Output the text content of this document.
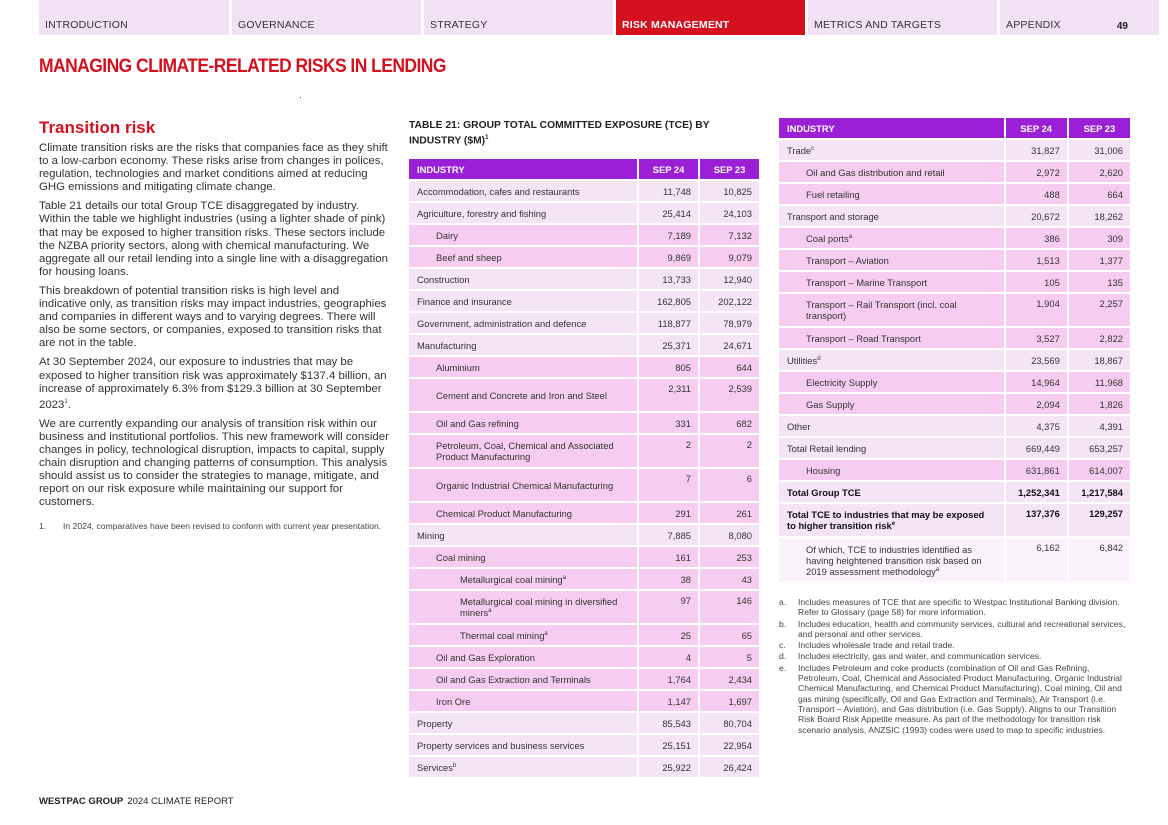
INTRODUCTION	GOVERNANCE	STRATEGY	RISK MANAGEMENT	METRICS AND TARGETS	APPENDIX	49
MANAGING CLIMATE-RELATED RISKS IN LENDING
Transition risk

Climate transition risks are the risks that companies face as they shift to a low-carbon economy. These risks arise from changes in polices, regulation, technologies and market conditions aimed at reducing GHG emissions and mitigating climate change.

Table 21 details our total Group TCE disaggregated by industry. Within the table we highlight industries (using a lighter shade of pink) that may be exposed to higher transition risks. These sectors include the NZBA priority sectors, along with chemical manufacturing. We aggregate all our retail lending into a single line with a disaggregation for housing loans.

This breakdown of potential transition risks is high level and indicative only, as transition risks may impact industries, geographies and companies in different ways and to varying degrees. There will also be some sectors, or companies, exposed to transition risks that are not in the table.

At 30 September 2024, our exposure to industries that may be exposed to higher transition risk was approximately $137.4 billion, an increase of approximately 6.3% from $129.3 billion at 30 September 2023$^1$.

We are currently expanding our analysis of transition risk within our business and institutional portfolios. This new framework will consider changes in policy, technological disruption, impacts to capital, supply chain disruption and changing patterns of consumption. This analysis should assist us to consider the strategies to manage, mitigate, and report on our risk exposure while maintaining our support for customers.

1.	In 2024, comparatives have been revised to conform with current year presentation.
TABLE 21: GROUP TOTAL COMMITTED EXPOSURE (TCE) BY INDUSTRY ($M)$^1$
INDUSTRY		SEP 24		SEP 23
Accommodation, cafes and restaurants		11,748		10,825
Agriculture, forestry and fishing		25,414		24,103
Dairy		7,189		7,132
Beef and sheep		9,869		9,079
Construction		13,733		12,940
Finance and insurance		162,805		202,122
Government, administration and defence		118,877		78,979
Manufacturing		25,371		24,671
Aluminium		805		644
Cement and Concrete and Iron and Steel		2,311		2,539
Oil and Gas refining		331		682
Petroleum, Coal, Chemical and Associated Product Manufacturing		2		2
Organic Industrial Chemical Manufacturing		7		6
Chemical Product Manufacturing		291		261
Mining		7,885		8,080
Coal mining		161		253
Metallurgical coal mining$^a$		38		43
Metallurgical coal mining in diversified miners$^a$		97		146
Thermal coal mining$^a$		25		65
Oil and Gas Exploration		4		5
Oil and Gas Extraction and Terminals		1,764		2,434
Iron Ore		1,147		1,697
Property		85,543		80,704
Property services and business services		25,151		22,954
Services$^b$		25,922		26,424
INDUSTRY		SEP 24		SEP 23
Trade$^c$		31,827		31,006
Oil and Gas distribution and retail		2,972		2,620
Fuel retailing		488		664
Transport and storage		20,672		18,262
Coal ports$^a$		386		309
Transport – Aviation		1,513		1,377
Transport – Marine Transport		105		135
Transport – Rail Transport (incl. coal transport)		1,904		2,257
Transport – Road Transport		3,527		2,822
Utilities$^d$		23,569		18,867
Electricity Supply		14,964		11,968
Gas Supply		2,094		1,826
Other		4,375		4,391
Total Retail lending		669,449		653,257
Housing		631,861		614,007
Total Group TCE		1,252,341		1,217,584
Total TCE to industries that may be exposed to higher transition risk$^e$		137,376		129,257
Of which, TCE to industries identified as having heightened transition risk based on 2019 assessment methodology$^a$		6,162		6,842
a.	Includes measures of TCE that are specific to Westpac Institutional Banking division. Refer to Glossary (page 58) for more information.
b.	Includes education, health and community services, cultural and recreational services, and personal and other services.
c.	Includes wholesale trade and retail trade.
d.	Includes electricity, gas and water, and communication services.
e.	Includes Petroleum and coke products (combination of Oil and Gas Refining, Petroleum, Coal, Chemical and Associated Product Manufacturing, Organic Industrial Chemical Manufacturing, and Chemical Product Manufacturing), Coal mining, Oil and gas mining (specifically, Oil and Gas Extraction and Terminals), Air Transport (i.e. Transport – Aviation), and Gas distribution (i.e. Gas Supply). Aligns to our Transition Risk Board Risk Appetite measure. As part of the methodology for transition risk scenario analysis, ANZSIC (1993) codes were used to map to specific industries.
WESTPAC GROUP 2024 CLIMATE REPORT
